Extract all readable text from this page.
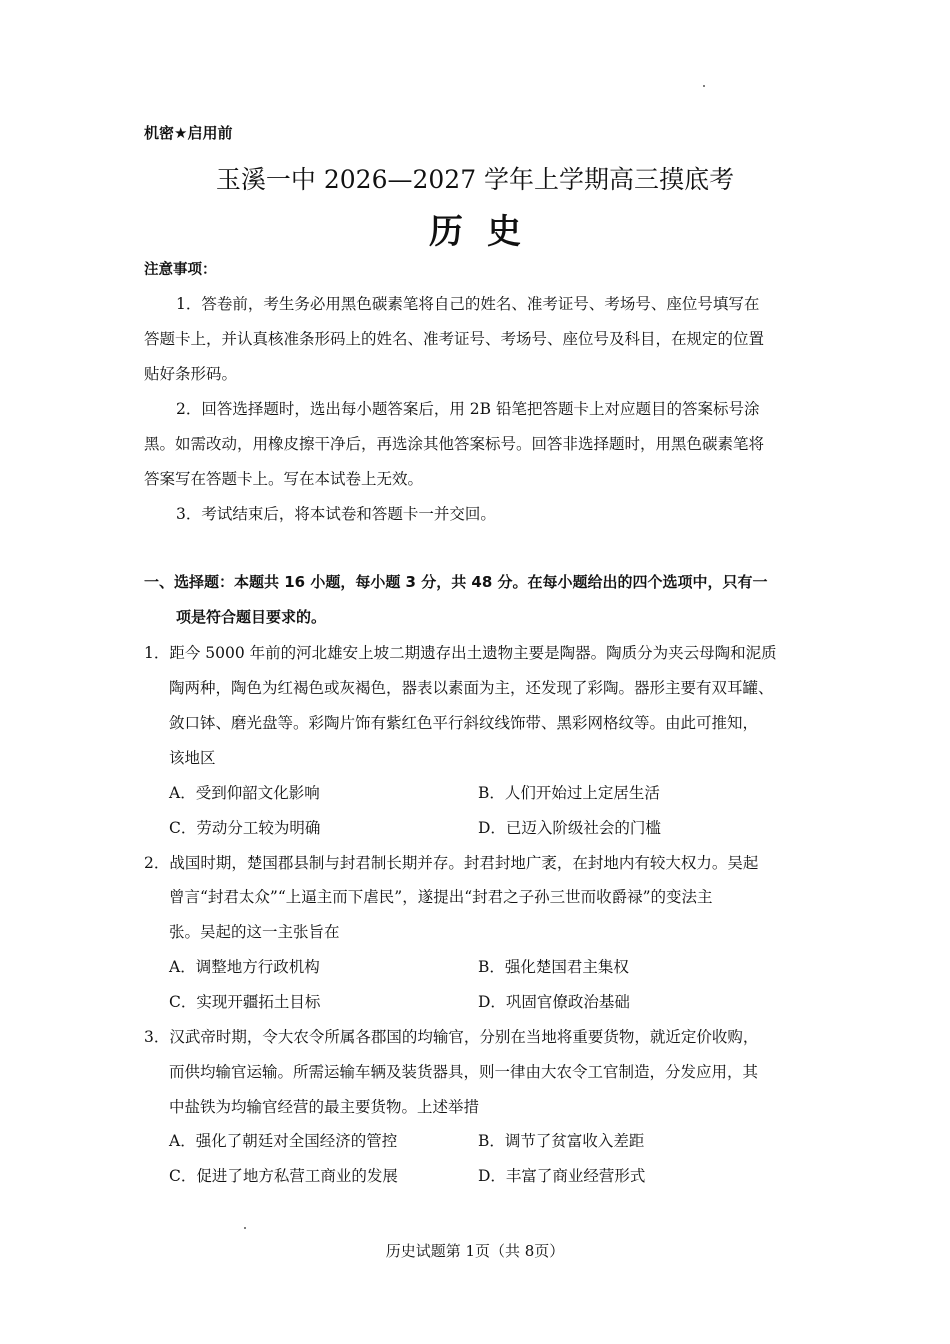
机密★启用前
玉溪一中 2026—2027 学年上学期高三摸底考
历史
注意事项：
1．答卷前，考生务必用黑色碳素笔将自己的姓名、准考证号、考场号、座位号填写在
答题卡上，并认真核准条形码上的姓名、准考证号、考场号、座位号及科目，在规定的位置
贴好条形码。
2．回答选择题时，选出每小题答案后，用 2B 铅笔把答题卡上对应题目的答案标号涂
黑。如需改动，用橡皮擦干净后，再选涂其他答案标号。回答非选择题时，用黑色碳素笔将
答案写在答题卡上。写在本试卷上无效。
3．考试结束后，将本试卷和答题卡一并交回。
一、选择题：本题共 16 小题，每小题 3 分，共 48 分。在每小题给出的四个选项中，只有一
项是符合题目要求的。
1．距今 5000 年前的河北雄安上坡二期遗存出土遗物主要是陶器。陶质分为夹云母陶和泥质
陶两种，陶色为红褐色或灰褐色，器表以素面为主，还发现了彩陶。器形主要有双耳罐、
敛口钵、磨光盘等。彩陶片饰有紫红色平行斜纹线饰带、黑彩网格纹等。由此可推知，
该地区
A．受到仰韶文化影响	B．人们开始过上定居生活
C．劳动分工较为明确	D．已迈入阶级社会的门槛
2．战国时期，楚国郡县制与封君制长期并存。封君封地广袤，在封地内有较大权力。吴起
曾言“封君太众”“上逼主而下虐民”，遂提出“封君之子孙三世而收爵禄”的变法主
张。吴起的这一主张旨在
A．调整地方行政机构	B．强化楚国君主集权
C．实现开疆拓土目标	D．巩固官僚政治基础
3．汉武帝时期，令大农令所属各郡国的均输官，分别在当地将重要货物，就近定价收购，
而供均输官运输。所需运输车辆及装货器具，则一律由大农令工官制造，分发应用，其
中盐铁为均输官经营的最主要货物。上述举措
A．强化了朝廷对全国经济的管控	B．调节了贫富收入差距
C．促进了地方私营工商业的发展	D．丰富了商业经营形式
历史试题第 1页（共 8页）
